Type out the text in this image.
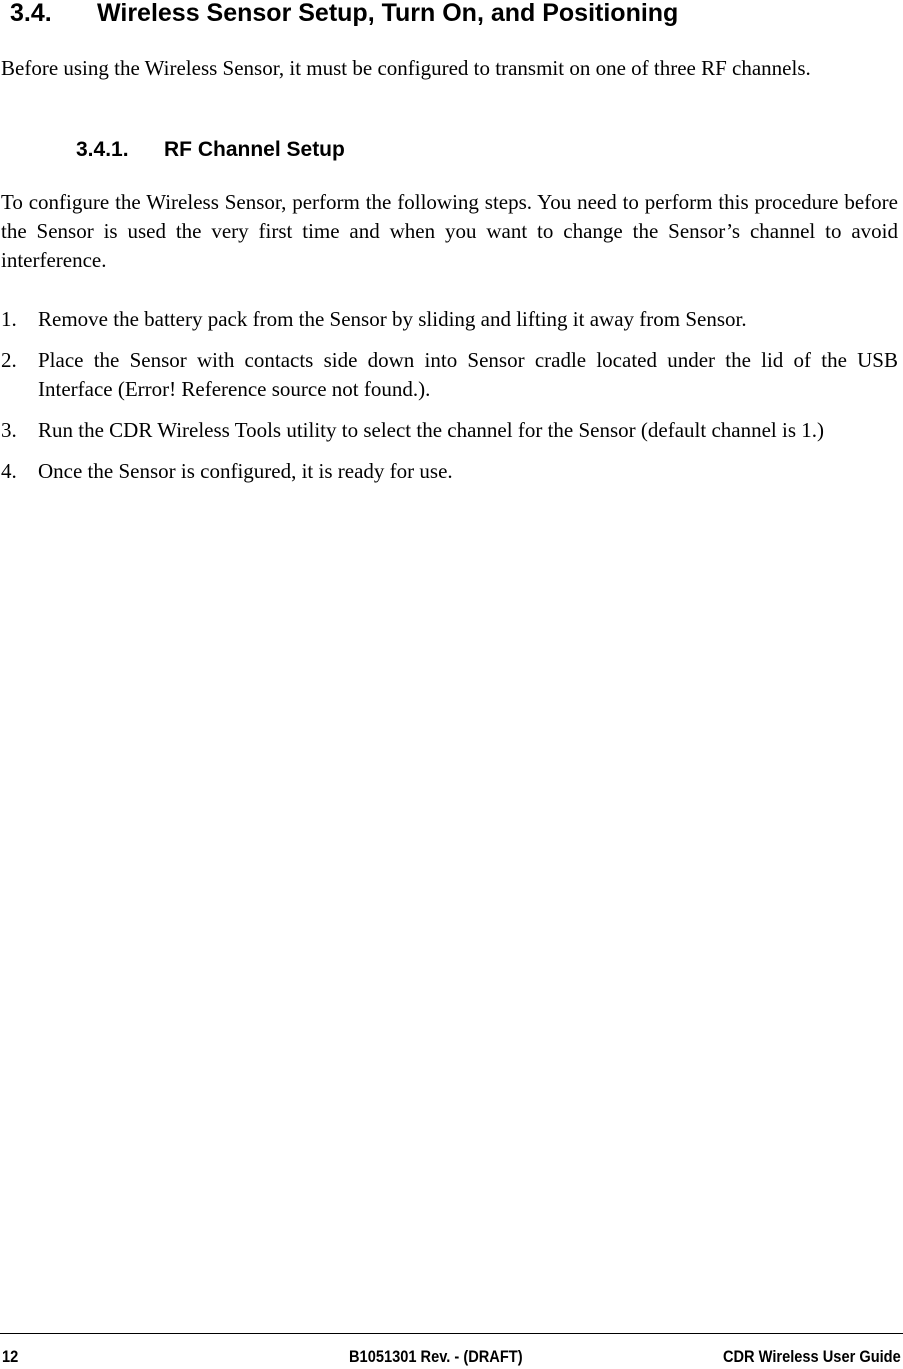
3.4. Wireless Sensor Setup, Turn On, and Positioning
Before using the Wireless Sensor, it must be configured to transmit on one of three RF channels.
3.4.1. RF Channel Setup
To configure the Wireless Sensor, perform the following steps. You need to perform this procedure before the Sensor is used the very first time and when you want to change the Sensor’s channel to avoid interference.
1. Remove the battery pack from the Sensor by sliding and lifting it away from Sensor.
2. Place the Sensor with contacts side down into Sensor cradle located under the lid of the USB Interface (Error! Reference source not found.).
3. Run the CDR Wireless Tools utility to select the channel for the Sensor (default channel is 1.)
4. Once the Sensor is configured, it is ready for use.
12	B1051301 Rev. - (DRAFT)	CDR Wireless User Guide
